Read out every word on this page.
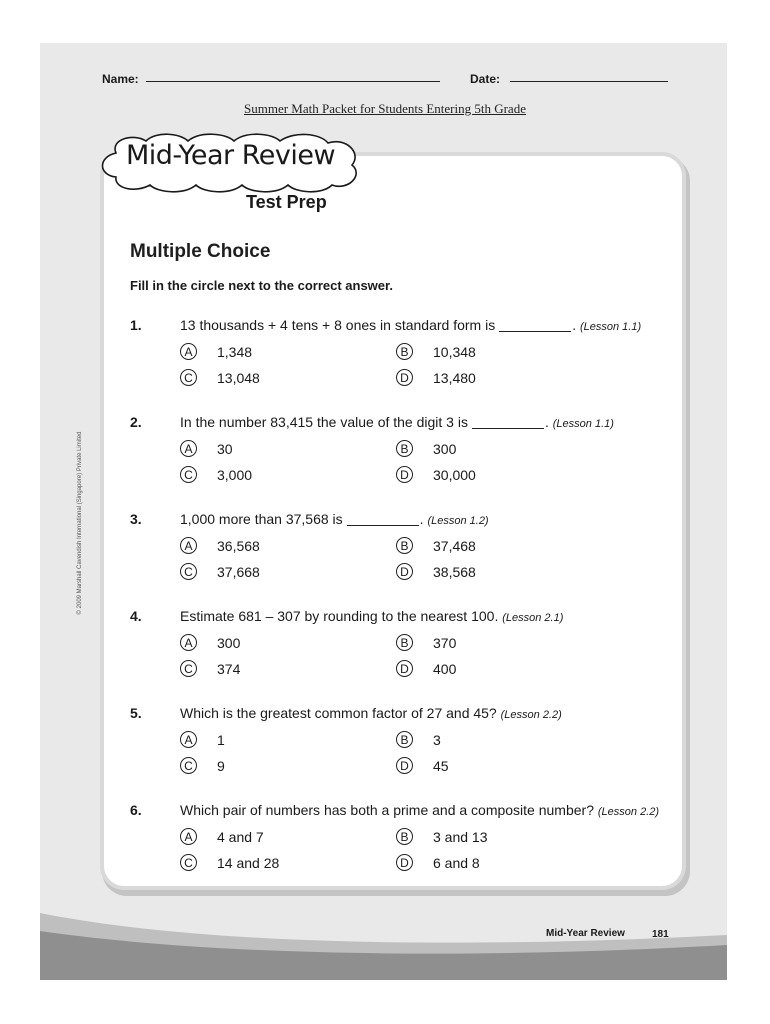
Name:	Date:
Summer Math Packet for Students Entering 5th Grade
Mid-Year Review
Test Prep
Multiple Choice
Fill in the circle next to the correct answer.
© 2009 Marshall Cavendish International (Singapore) Private Limited
1.	13 thousands + 4 tens + 8 ones in standard form is	. (Lesson 1.1)
A	1,348	B	10,348
C 13,048	D 13,480
2.	In the number 83,415 the value of the digit 3 is	. (Lesson 1.1)
A	30	B	300
C 3,000	D 30,000
3.	1,000 more than 37,568 is	. (Lesson 1.2)
A	36,568	B	37,468
C 37,668	D 38,568
4.	Estimate 681 – 307 by rounding to the nearest 100. (Lesson 2.1)
A	300	B	370
C 374	D 400
5.	Which is the greatest common factor of 27 and 45? (Lesson 2.2)
A	1	B	3
C 9	D 45
6.	Which pair of numbers has both a prime and a composite number? (Lesson 2.2)
A	4 and 7	B	3 and 13
C 14 and 28	D 6 and 8
Mid-Year Review	181
